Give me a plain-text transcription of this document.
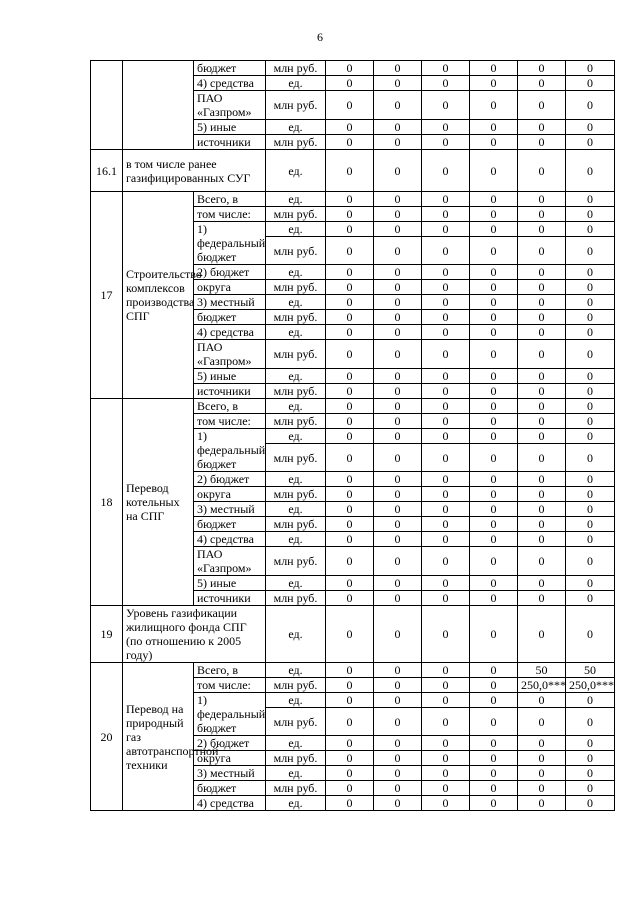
6
		бюджет	млн руб.	0	0	0	0	0	0
		4) средства	ед.	0	0	0	0	0	0
		ПАО «Газпром»	млн руб.	0	0	0	0	0	0
		5) иные	ед.	0	0	0	0	0	0
		источники	млн руб.	0	0	0	0	0	0
16.1	в том числе ранее газифицированных СУГ		ед.	0	0	0	0	0	0
17	Строительство комплексов производства СПГ	Всего, в	ед.	0	0	0	0	0	0
		том числе:	млн руб.	0	0	0	0	0	0
		1) федеральный бюджет	ед.	0	0	0	0	0	0
			млн руб.	0	0	0	0	0	0
		2) бюджет	ед.	0	0	0	0	0	0
		округа	млн руб.	0	0	0	0	0	0
		3) местный	ед.	0	0	0	0	0	0
		бюджет	млн руб.	0	0	0	0	0	0
		4) средства	ед.	0	0	0	0	0	0
		ПАО «Газпром»	млн руб.	0	0	0	0	0	0
		5) иные	ед.	0	0	0	0	0	0
		источники	млн руб.	0	0	0	0	0	0
18	Перевод котельных на СПГ	Всего, в	ед.	0	0	0	0	0	0
		том числе:	млн руб.	0	0	0	0	0	0
		1) федеральный бюджет	ед.	0	0	0	0	0	0
			млн руб.	0	0	0	0	0	0
		2) бюджет	ед.	0	0	0	0	0	0
		округа	млн руб.	0	0	0	0	0	0
		3) местный	ед.	0	0	0	0	0	0
		бюджет	млн руб.	0	0	0	0	0	0
		4) средства	ед.	0	0	0	0	0	0
		ПАО «Газпром»	млн руб.	0	0	0	0	0	0
		5) иные	ед.	0	0	0	0	0	0
		источники	млн руб.	0	0	0	0	0	0
19	Уровень газификации жилищного фонда СПГ (по отношению к 2005 году)		ед.	0	0	0	0	0	0
20	Перевод на природный газ автотранспортной техники	Всего, в	ед.	0	0	0	0	50	50
		том числе:	млн руб.	0	0	0	0	250,0***	250,0***
		1) федеральный бюджет	ед.	0	0	0	0	0	0
			млн руб.	0	0	0	0	0	0
		2) бюджет	ед.	0	0	0	0	0	0
		округа	млн руб.	0	0	0	0	0	0
		3) местный	ед.	0	0	0	0	0	0
		бюджет	млн руб.	0	0	0	0	0	0
		4) средства	ед.	0	0	0	0	0	0
